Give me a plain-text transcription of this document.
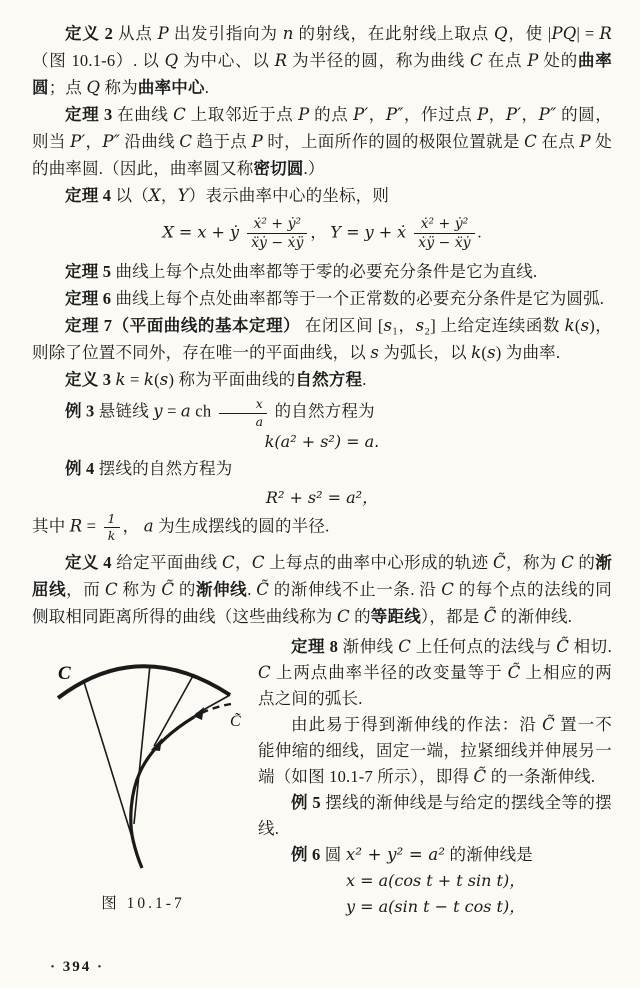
定义 2 从点 P 出发引指向为 n 的射线，在此射线上取点 Q，使 |PQ| = R（图 10.1-6）. 以 Q 为中心、以 R 为半径的圆，称为曲线 C 在点 P 处的曲率圆；点 Q 称为曲率中心.

定理 3 在曲线 C 上取邻近于点 P 的点 P′，P″，作过点 P，P′，P″ 的圆，则当 P′，P″ 沿曲线 C 趋于点 P 时，上面所作的圆的极限位置就是 C 在点 P 处的曲率圆.（因此，曲率圆又称密切圆.）

定理 4 以（X，Y）表示曲率中心的坐标，则

X = x + ẏ $\frac{\text{ẋ² + ẏ²}}{\text{ẍẏ − ẋÿ}}$ ， Y = y + ẋ $\frac{\text{ẋ² + ẏ²}}{\text{ẋÿ − ẍẏ}}$ .

定理 5 曲线上每个点处曲率都等于零的必要充分条件是它为直线.

定理 6 曲线上每个点处曲率都等于一个正常数的必要充分条件是它为圆弧.

定理 7（平面曲线的基本定理） 在闭区间 [s₁，s₂] 上给定连续函数 k(s)，则除了位置不同外，存在唯一的平面曲线，以 s 为弧长，以 k(s) 为曲率.

定义 3 k = k(s) 称为平面曲线的自然方程.

例 3 悬链线 y = a ch $\frac{x}{a}$ 的自然方程为

k(a² + s²) = a.

例 4 摆线的自然方程为

R² + s² = a²，

其中 $R = \frac{1}{k}$ ， a 为生成摆线的圆的半径.

定义 4 给定平面曲线 C，C 上每点的曲率中心形成的轨迹 C̃，称为 C 的渐屈线，而 C 称为 C̃ 的渐伸线. C̃ 的渐伸线不止一条. 沿 C 的每个点的法线的同侧取相同距离所得的曲线（这些曲线称为 C 的等距线），都是 C̃ 的渐伸线.

C
C̃
图 10.1-7

定理 8 渐伸线 C 上任何点的法线与 C̃ 相切. C 上两点曲率半径的改变量等于 C̃ 上相应的两点之间的弧长.

由此易于得到渐伸线的作法：沿 C̃ 置一不能伸缩的细线，固定一端，拉紧细线并伸展另一端（如图 10.1-7 所示），即得 C̃ 的一条渐伸线.

例 5 摆线的渐伸线是与给定的摆线全等的摆线.

例 6 圆 x² + y² = a² 的渐伸线是

x = a(cos t + t sin t)，
y = a(sin t − t cos t)，
· 394 ·
